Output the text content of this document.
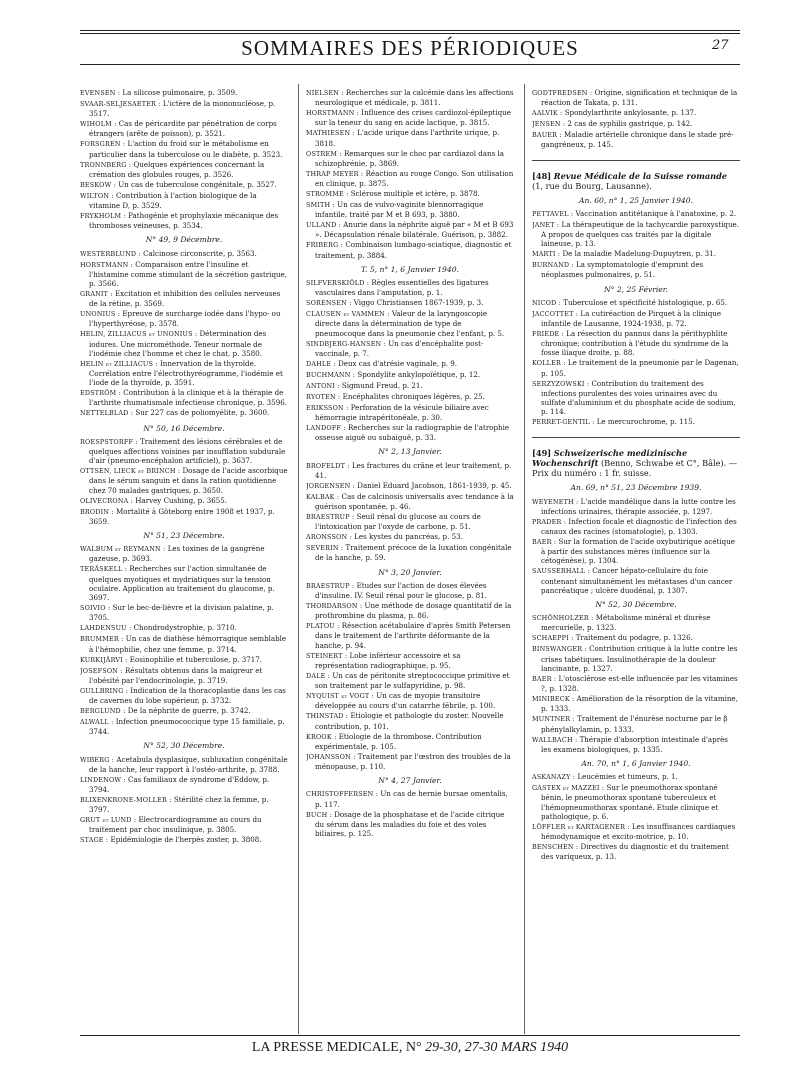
SOMMAIRES DES PÉRIODIQUES	27
EVENSEN : La silicose pulmonaire, p. 3509.
SVAAR-SELJESAETER : L'ictère de la mononucléose, p. 3517.
WIHOLM : Cas de péricardite par pénétration de corps étrangers (arête de poisson), p. 3521.
FORSGREN : L'action du froid sur le métabolisme en particulier dans la tuberculose ou le diabète, p. 3523.
TRONNBERG : Quelques expériences concernant la crémation des globules rouges, p. 3526.
BESKOW : Un cas de tuberculose congénitale, p. 3527.
WILTON : Contribution à l'action biologique de la vitamine D, p. 3529.
FRYKHOLM : Pathogénie et prophylaxie mécanique des thromboses veineuses, p. 3534.
N° 49, 9 Décembre.
WESTERBLUND : Calcinose circonscrite, p. 3563.
HORSTMANN : Comparaison entre l'insuline et l'histamine comme stimulant de la sécrétion gastrique, p. 3566.
GRANIT : Excitation et inhibition des cellules nerveuses de la rétine, p. 3569.
UNONIUS : Epreuve de surcharge iodée dans l'hypo- ou l'hyperthyréose, p. 3578.
HELIN, ZILLIACUS et UNONIUS : Détermination des iodures. Une microméthode. Teneur normale de l'iodémie chez l'homme et chez le chat, p. 3580.
HELIN et ZILLIACUS : Innervation de la thyroïde. Corrélation entre l'électrothyréogramme, l'iodémie et l'iode de la thyroïde, p. 3591.
EDSTRÖM : Contribution à la clinique et à la thérapie de l'arthrite rhumatismale infectieuse chronique, p. 3596.
NETTELBLAD : Sur 227 cas de poliomyélite, p. 3600.
N° 50, 16 Décembre.
ROESPSTORFF : Traitement des lésions cérébrales et de quelques affections voisines par insufflation subdurale d'air (pneumo-encéphalon artificiel), p. 3637.
OTTSEN, LIECK et BRINCH : Dosage de l'acide ascorbique dans le sérum sanguin et dans la ration quotidienne chez 70 malades gastriques, p. 3650.
OLIVECRONA : Harvey Cushing, p. 3655.
BRODIN : Mortalité à Göteborg entre 1908 et 1937, p. 3659.
N° 51, 23 Décembre.
WALBUM et REYMANN : Les toxines de la gangrène gazeuse, p. 3693.
TERÄSKELL : Recherches sur l'action simultanée de quelques myotiques et mydriatiques sur la tension oculaire. Application au traitement du glaucome, p. 3697.
SOIVIO : Sur le bec-de-lièvre et la division palatine, p. 3705.
LAHDENSUU : Chondrodystrophie, p. 3710.
BRUMMER : Un cas de diathèse hémorragique semblable à l'hémophilie, chez une femme, p. 3714.
KURKIJÄRVI : Eosinophilie et tuberculose, p. 3717.
JOSEFSON : Résultats obtenus dans la maigreur et l'obésité par l'endocrinologie, p. 3719.
GULLBRING : Indication de la thoracoplastie dans les cas de cavernes du lobe supérieur, p. 3732.
BERGLUND : De la néphrite de guerre, p. 3742.
ALWALL : Infection pneumococcique type 15 familiale, p. 3744.
N° 52, 30 Décembre.
WIBERG : Acetabula dysplasique, subluxation congénitale de la hanche, leur rapport à l'ostéo-arthrite, p. 3788.
LINDENOW : Cas familiaux de syndrome d'Eddow, p. 3794.
BLIXENKRONE-MOLLER : Stérilité chez la femme, p. 3797.
GRUT et LUND : Electrocardiogramme au cours du traitement par choc insulinique, p. 3805.
STAGE : Epidémiologie de l'herpès zoster, p. 3808.
NIELSEN : Recherches sur la calcémie dans les affections neurologique et médicale, p. 3811.
HORSTMANN : Influence des crises cardiozol-épileptique sur la teneur du sang en acide lactique, p. 3815.
MATHIESEN : L'acide urique dans l'arthrite urique, p. 3818.
OSTREM : Remarques sur le choc par cardiazol dans la schizophrénie, p. 3869.
THRAP MEYER : Réaction au rouge Congo. Son utilisation en clinique, p. 3875.
STROMME : Sclérose multiple et ictère, p. 3878.
SMITH : Un cas de vulvo-vaginite blennorragique infantile, traité par M et B 693, p. 3880.
ULLAND : Anurie dans la néphrite aiguë par « M et B 693 ». Décapsulation rénale bilatérale. Guérison, p. 3882.
FRIBERG : Combinaison lumbago-sciatique, diagnostic et traitement, p. 3884.
T. 5, n° 1, 6 Janvier 1940.
SILFVERSKIÖLD : Règles essentielles des ligatures vasculaires dans l'amputation, p. 1.
SORENSEN : Viggo Christiansen 1867-1939, p. 3.
CLAUSEN et VAMMEN : Valeur de la laryngoscopie directe dans la détermination de type de pneumocoque dans la pneumonie chez l'enfant, p. 5.
SINDBJERG-HANSEN : Un cas d'encéphalite post-vaccinale, p. 7.
DAHLE : Deux cas d'atrésie vaginale, p. 9.
BUCHMANN : Spondylite ankylopoïétique, p. 12.
ANTONI : Sigmund Freud, p. 21.
RYOTEN : Encéphalites chroniques légères, p. 25.
ERIKSSON : Perforation de la vésicule biliaire avec hémorragie intrapéritonéale, p. 30.
LANDOFF : Recherches sur la radiographie de l'atrophie osseuse aiguë ou subaiguë, p. 33.
N° 2, 13 Janvier.
BROFELDT : Les fractures du crâne et leur traitement, p. 41.
JORGENSEN : Daniel Eduard Jacobson, 1861-1939, p. 45.
KALBAK : Cas de calcinosis universalis avec tendance à la guérison spontanée, p. 46.
BRAESTRUP : Seuil rénal du glucose au cours de l'intoxication par l'oxyde de carbone, p. 51.
ARONSSON : Les kystes du pancréas, p. 53.
SEVERIN : Traitement précoce de la luxation congénitale de la hanche, p. 59.
N° 3, 20 Janvier.
BRAESTRUP : Etudes sur l'action de doses élevées d'insuline. IV. Seuil rénal pour le glucose, p. 81.
THORDARSON : Une méthode de dosage quantitatif de la prothrombine du plasma, p. 86.
PLATOU : Résection acétabulaire d'après Smith Petersen dans le traitement de l'arthrite déformante de la hanche, p. 94.
STEINERT : Lobe inférieur accessoire et sa représentation radiographique, p. 95.
DALE : Un cas de péritonite streptococcique primitive et son traitement par le sulfapyridine, p. 98.
NYQUIST et VOGT : Un cas de myopie transitoire développée au cours d'un catarrhe fébrile, p. 100.
THINSTAD : Etiologie et pathologie du zoster. Nouvelle contribution, p. 101.
KROOK : Etiologie de la thrombose. Contribution expérimentale, p. 105.
JOHANSSON : Traitement par l'œstron des troubles de la ménopause, p. 110.
N° 4, 27 Janvier.
CHRISTOFFERSEN : Un cas de hernie bursae omentalis, p. 117.
BUCH : Dosage de la phosphatase et de l'acide citrique du sérum dans les maladies du foie et des voies biliaires, p. 125.
GODTFREDSEN : Origine, signification et technique de la réaction de Takata, p. 131.
AALVIK : Spondylarthrite ankylosante, p. 137.
JENSEN : 2 cas de syphilis gastrique, p. 142.
BAUER : Maladie artérielle chronique dans le stade pré-gangréneux, p. 145.
[48] Revue Médicale de la Suisse romande (1, rue du Bourg, Lausanne).
An. 60, n° 1, 25 Janvier 1940.
PETTAVEL : Vaccination antitétanique à l'anatoxine, p. 2.
JANET : La thérapeutique de la tachycardie paroxystique. A propos de quelques cas traités par la digitale laineuse, p. 13.
MARTI : De la maladie Madelung-Dupuytren, p. 31.
BURNAND : La symptomatologie d'emprunt des néoplasmes pulmonaires, p. 51.
N° 2, 25 Février.
NICOD : Tuberculose et spécificité histologique, p. 65.
JACCOTTET : La cutiréaction de Pirquet à la clinique infantile de Lausanne, 1924-1938, p. 72.
FRIEDE : La résection du pannus dans la périthyphlite chronique; contribution à l'étude du syndrome de la fosse iliaque droite, p. 88.
KOLLER : Le traitement de la pneumonie par le Dagenan, p. 105.
SERZYZOWSKI : Contribution du traitement des infections purulentes des voies urinaires avec du sulfate d'aluminium et du phosphate acide de sodium, p. 114.
PERRET-GENTIL : Le mercurochrome, p. 115.
[49] Schweizerische medizinische Wochenschrift (Benno, Schwabe et C°, Bâle). — Prix du numéro : 1 fr. suisse.
An. 69, n° 51, 23 Décembre 1939.
WEYENETH : L'acide mandélique dans la lutte contre les infections urinaires, thérapie associée, p. 1297.
PRADER : Infection focale et diagnostic de l'infection des canaux des racines (stomatologie), p. 1303.
BAER : Sur la formation de l'acide oxybutirique acétique à partir des substances mères (influence sur la cétogénèse), p. 1304.
SAUSSERHALL : Cancer hépato-cellulaire du foie contenant simultanément les métastases d'un cancer pancréatique ; ulcère duodénal, p. 1307.
N° 52, 30 Décembre.
SCHÖNHOLZER : Métabolisme minéral et diurèse mercurielle, p. 1323.
SCHAEPPI : Traitement du podagre, p. 1326.
BINSWANGER : Contribution critique à la lutte contre les crises tabétiques. Insulinothérapie de la douleur lancinante, p. 1327.
BAER : L'otosclérose est-elle influencée par les vitamines ?, p. 1328.
MINIBECK : Amélioration de la résorption de la vitamine, p. 1333.
MUNTNER : Traitement de l'énurèse nocturne par le β phénylalkylamin, p. 1333.
WALLBACH : Thérapie d'absorption intestinale d'après les examens biologiques, p. 1335.
An. 70, n° 1, 6 Janvier 1940.
ASKANAZY : Leucémies et tumeurs, p. 1.
GASTEX et MAZZEI : Sur le pneumothorax spontané bénin, le pneumothorax spontané tuberculeux et l'hémopneumothorax spontané. Etude clinique et pathologique, p. 6.
LÖFFLER et KARTAGENER : Les insuffisances cardiaques hémodynamique et excito-motrice, p. 10.
BENSCHEN : Directives du diagnostic et du traitement des variqueux, p. 13.
LA PRESSE MEDICALE, N° 29-30, 27-30 MARS 1940
